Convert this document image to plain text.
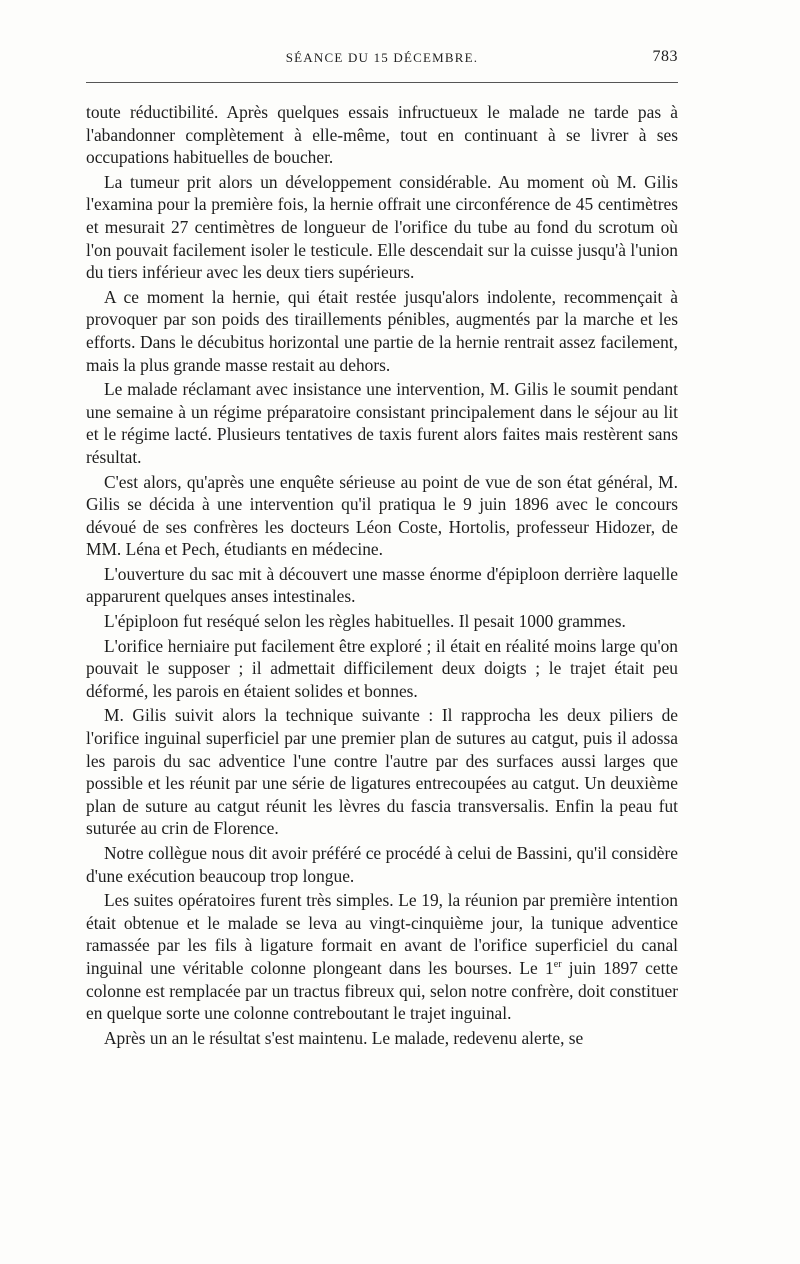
SÉANCE DU 15 DÉCEMBRE.	783

toute réductibilité. Après quelques essais infructueux le malade ne tarde pas à l'abandonner complètement à elle-même, tout en continuant à se livrer à ses occupations habituelles de boucher.

La tumeur prit alors un développement considérable. Au moment où M. Gilis l'examina pour la première fois, la hernie offrait une circonférence de 45 centimètres et mesurait 27 centimètres de longueur de l'orifice du tube au fond du scrotum où l'on pouvait facilement isoler le testicule. Elle descendait sur la cuisse jusqu'à l'union du tiers inférieur avec les deux tiers supérieurs.

A ce moment la hernie, qui était restée jusqu'alors indolente, recommençait à provoquer par son poids des tiraillements pénibles, augmentés par la marche et les efforts. Dans le décubitus horizontal une partie de la hernie rentrait assez facilement, mais la plus grande masse restait au dehors.

Le malade réclamant avec insistance une intervention, M. Gilis le soumit pendant une semaine à un régime préparatoire consistant principalement dans le séjour au lit et le régime lacté. Plusieurs tentatives de taxis furent alors faites mais restèrent sans résultat.

C'est alors, qu'après une enquête sérieuse au point de vue de son état général, M. Gilis se décida à une intervention qu'il pratiqua le 9 juin 1896 avec le concours dévoué de ses confrères les docteurs Léon Coste, Hortolis, professeur Hidozer, de MM. Léna et Pech, étudiants en médecine.

L'ouverture du sac mit à découvert une masse énorme d'épiploon derrière laquelle apparurent quelques anses intestinales.

L'épiploon fut reséqué selon les règles habituelles. Il pesait 1000 grammes.

L'orifice herniaire put facilement être exploré ; il était en réalité moins large qu'on pouvait le supposer ; il admettait difficilement deux doigts ; le trajet était peu déformé, les parois en étaient solides et bonnes.

M. Gilis suivit alors la technique suivante : Il rapprocha les deux piliers de l'orifice inguinal superficiel par une premier plan de sutures au catgut, puis il adossa les parois du sac adventice l'une contre l'autre par des surfaces aussi larges que possible et les réunit par une série de ligatures entrecoupées au catgut. Un deuxième plan de suture au catgut réunit les lèvres du fascia transversalis. Enfin la peau fut suturée au crin de Florence.

Notre collègue nous dit avoir préféré ce procédé à celui de Bassini, qu'il considère d'une exécution beaucoup trop longue.

Les suites opératoires furent très simples. Le 19, la réunion par première intention était obtenue et le malade se leva au vingt-cinquième jour, la tunique adventice ramassée par les fils à ligature formait en avant de l'orifice superficiel du canal inguinal une véritable colonne plongeant dans les bourses. Le 1er juin 1897 cette colonne est remplacée par un tractus fibreux qui, selon notre confrère, doit constituer en quelque sorte une colonne contreboutant le trajet inguinal.

Après un an le résultat s'est maintenu. Le malade, redevenu alerte, se
